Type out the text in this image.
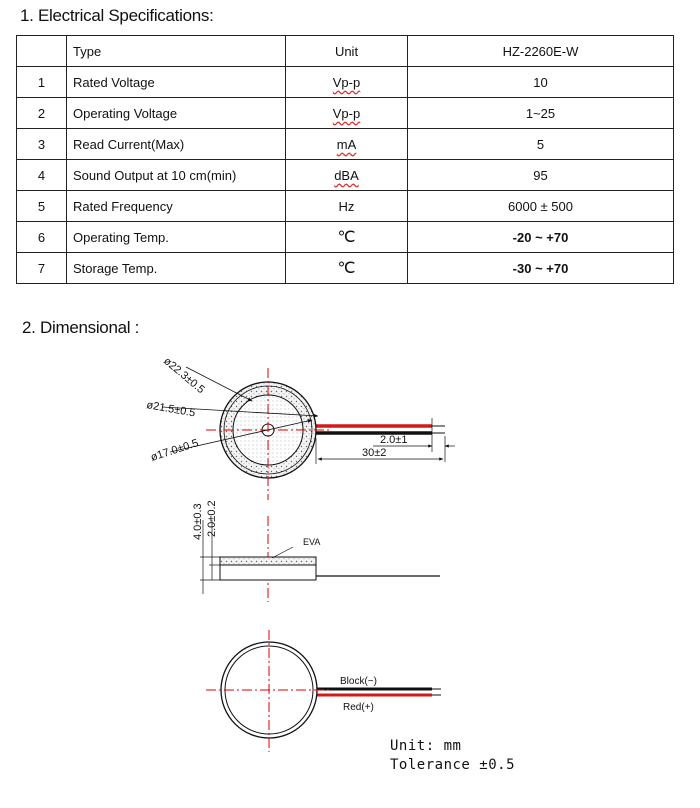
1. Electrical Specifications:
	Type	Unit	HZ-2260E-W
1	Rated Voltage	Vp-p	10
2	Operating Voltage	Vp-p	1~25
3	Read Current(Max)	mA	5
4	Sound Output at 10 cm(min)	dBA	95
5	Rated Frequency	Hz	6000 ± 500
6	Operating Temp.	℃	-20 ~ +70
7	Storage Temp.	℃	-30 ~ +70
2. Dimensional :
ø22.3±0.5
ø21.5±0.5
ø17.0±0.5	2.0±1
30±2
4.0±0.3 2.0±0.2
EVA
Block(−)
Red(+)
Unit: mm
Tolerance ±0.5
